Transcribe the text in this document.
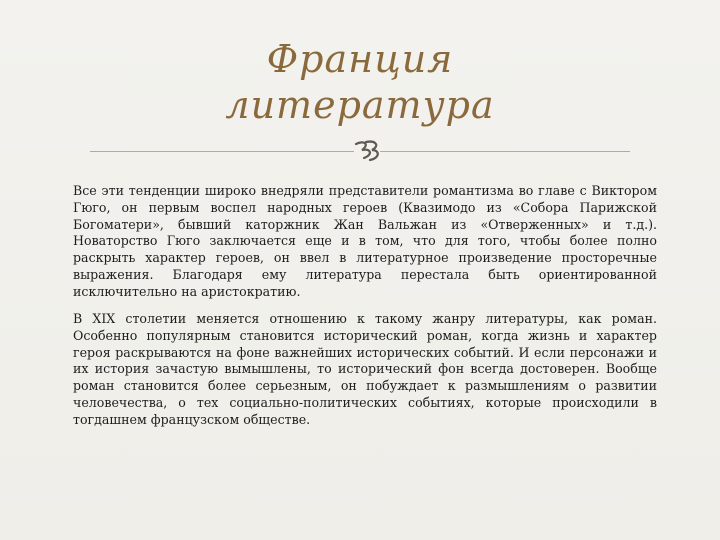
Франция
литература

Все эти тенденции широко внедряли представители романтизма во главе с Виктором Гюго, он первым воспел народных героев (Квазимодо из «Собора Парижской Богоматери», бывший каторжник Жан Вальжан из «Отверженных» и т.д.). Новаторство Гюго заключается еще и в том, что для того, чтобы более полно раскрыть характер героев, он ввел в литературное произведение просторечные выражения. Благодаря ему литература перестала быть ориентированной исключительно на аристократию.

В XIX столетии меняется отношению к такому жанру литературы, как роман. Особенно популярным становится исторический роман, когда жизнь и характер героя раскрываются на фоне важнейших исторических событий. И если персонажи и их история зачастую вымышлены, то исторический фон всегда достоверен. Вообще роман становится более серьезным, он побуждает к размышлениям о развитии человечества, о тех социально-политических событиях, которые происходили в тогдашнем французском обществе.
